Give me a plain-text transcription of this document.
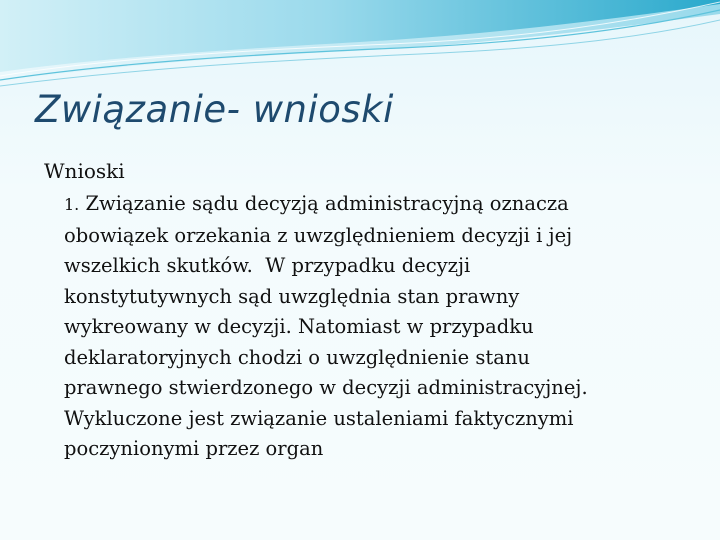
Związanie- wnioski

Wnioski

1. Związanie sądu decyzją administracyjną oznacza
obowiązek orzekania z uwzględnieniem decyzji i jej
wszelkich skutków.  W przypadku decyzji
konstytutywnych sąd uwzględnia stan prawny
wykreowany w decyzji. Natomiast w przypadku
deklaratoryjnych chodzi o uwzględnienie stanu
prawnego stwierdzonego w decyzji administracyjnej.
Wykluczone jest związanie ustaleniami faktycznymi
poczynionymi przez organ
